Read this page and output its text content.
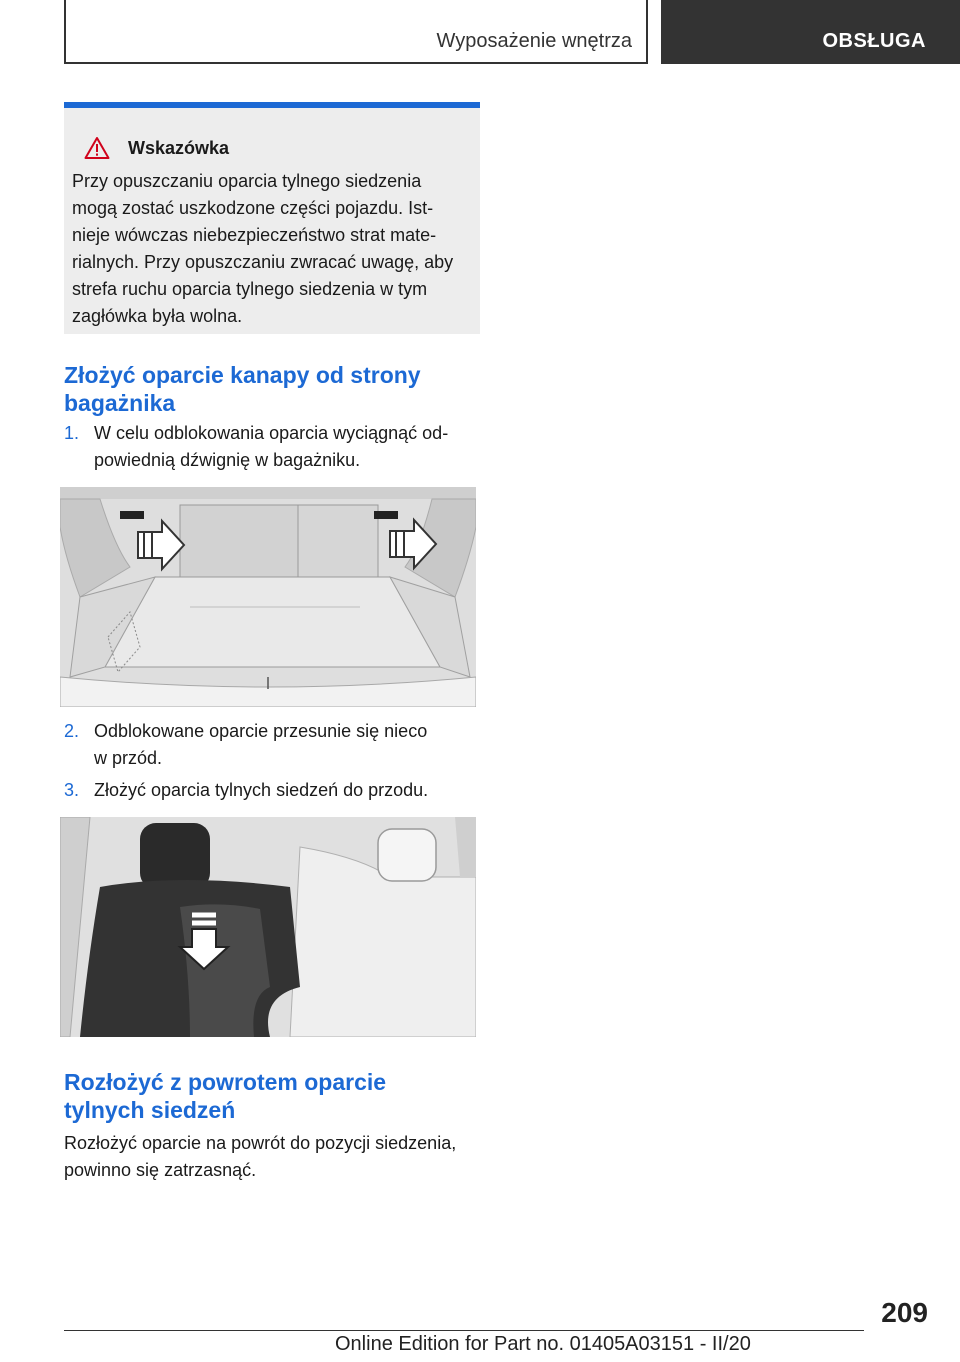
Wyposażenie wnętrza	OBSŁUGA
Wskazówka
Przy opuszczaniu oparcia tylnego siedzenia
mogą zostać uszkodzone części pojazdu. Ist‐
nieje wówczas niebezpieczeństwo strat mate‐
rialnych. Przy opuszczaniu zwracać uwagę, aby
strefa ruchu oparcia tylnego siedzenia w tym
zagłówka była wolna.
Złożyć oparcie kanapy od strony
bagażnika
1. W celu odblokowania oparcia wyciągnąć od‐
powiednią dźwignię w bagażniku.
2. Odblokowane oparcie przesunie się nieco
w przód.
3. Złożyć oparcia tylnych siedzeń do przodu.
Rozłożyć z powrotem oparcie
tylnych siedzeń
Rozłożyć oparcie na powrót do pozycji siedzenia,
powinno się zatrzasnąć.
209
Online Edition for Part no. 01405A03151 - II/20
